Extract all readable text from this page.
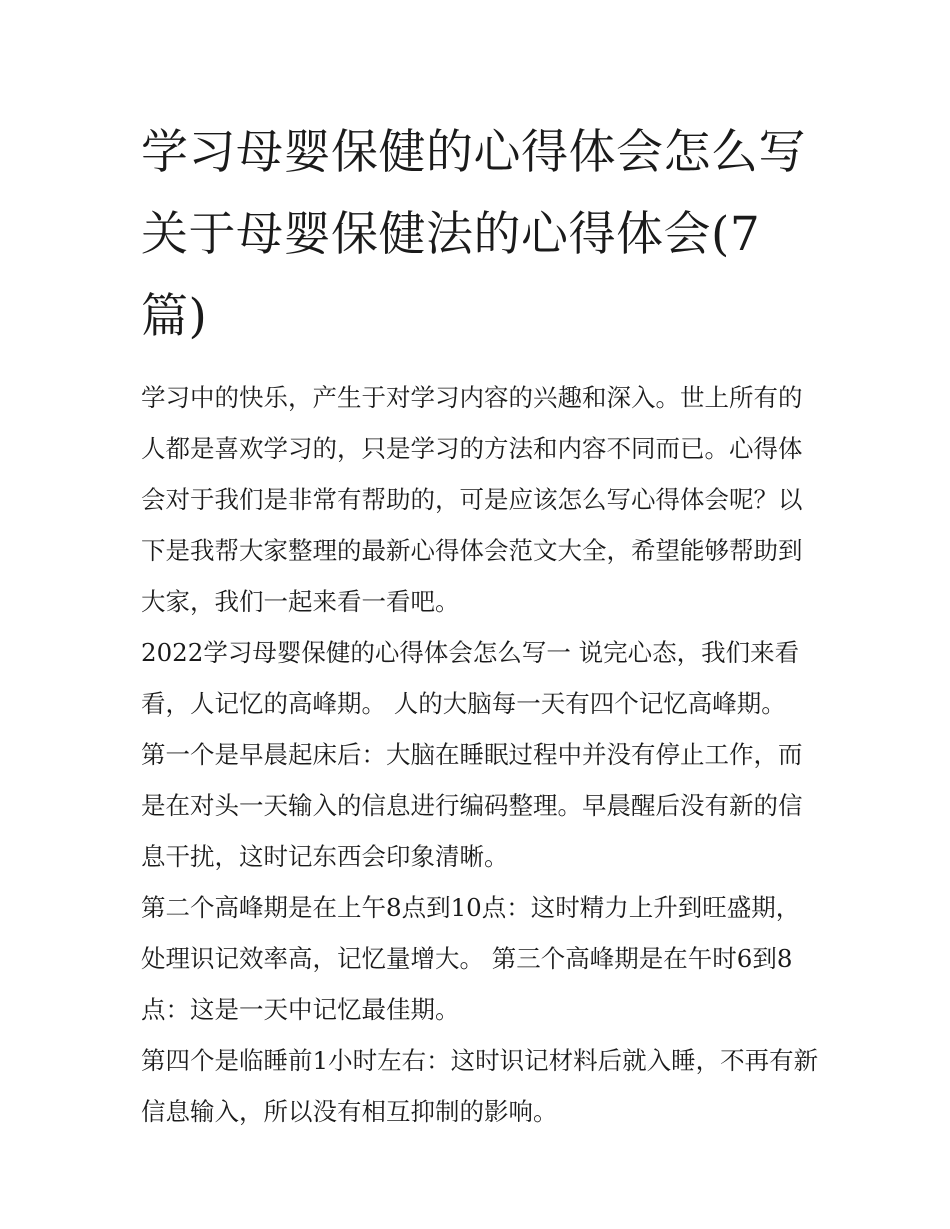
学习母婴保健的心得体会怎么写 关于母婴保健法的心得体会(7篇)

学习中的快乐，产生于对学习内容的兴趣和深入。世上所有的人都是喜欢学习的，只是学习的方法和内容不同而已。心得体会对于我们是非常有帮助的，可是应该怎么写心得体会呢？以下是我帮大家整理的最新心得体会范文大全，希望能够帮助到大家，我们一起来看一看吧。

2022学习母婴保健的心得体会怎么写一 说完心态，我们来看看，人记忆的高峰期。 人的大脑每一天有四个记忆高峰期。

第一个是早晨起床后：大脑在睡眠过程中并没有停止工作，而是在对头一天输入的信息进行编码整理。早晨醒后没有新的信息干扰，这时记东西会印象清晰。

第二个高峰期是在上午8点到10点：这时精力上升到旺盛期，处理识记效率高，记忆量增大。 第三个高峰期是在午时6到8点：这是一天中记忆最佳期。

第四个是临睡前1小时左右：这时识记材料后就入睡，不再有新信息输入，所以没有相互抑制的影响。
